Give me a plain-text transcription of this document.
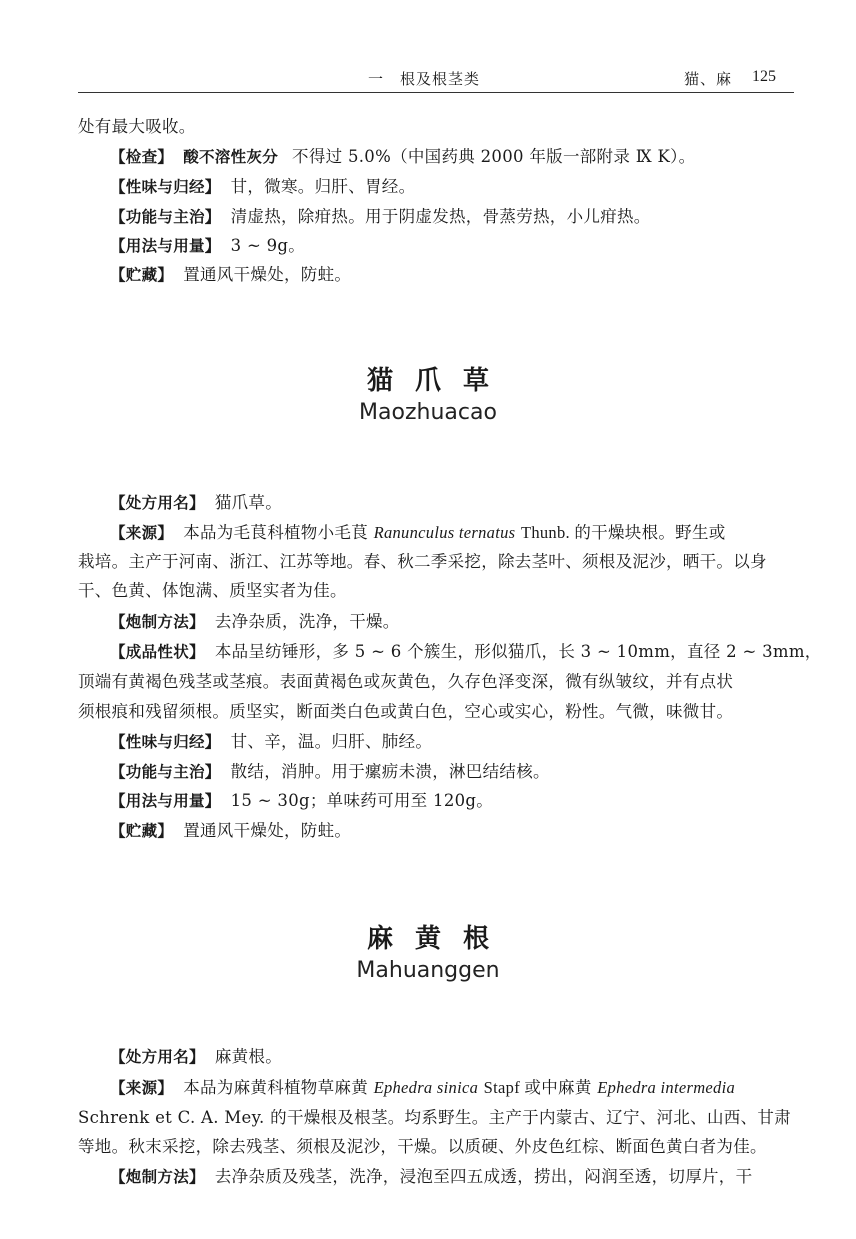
一　根及根茎类	猫、麻 125
处有最大吸收。
【检查】 酸不溶性灰分 不得过 5.0%（中国药典 2000 年版一部附录 Ⅸ K）。
【性味与归经】 甘，微寒。归肝、胃经。
【功能与主治】 清虚热，除疳热。用于阴虚发热，骨蒸劳热，小儿疳热。
【用法与用量】 3 ~ 9g。
【贮藏】 置通风干燥处，防蛀。
猫爪草
Maozhuacao
【处方用名】 猫爪草。
【来源】 本品为毛茛科植物小毛茛 Ranunculus ternatus Thunb. 的干燥块根。野生或
栽培。主产于河南、浙江、江苏等地。春、秋二季采挖，除去茎叶、须根及泥沙，晒干。以身
干、色黄、体饱满、质坚实者为佳。
【炮制方法】 去净杂质，洗净，干燥。
【成品性状】 本品呈纺锤形，多 5 ~ 6 个簇生，形似猫爪，长 3 ~ 10mm，直径 2 ~ 3mm，
顶端有黄褐色残茎或茎痕。表面黄褐色或灰黄色，久存色泽变深，微有纵皱纹，并有点状
须根痕和残留须根。质坚实，断面类白色或黄白色，空心或实心，粉性。气微，味微甘。
【性味与归经】 甘、辛，温。归肝、肺经。
【功能与主治】 散结，消肿。用于瘰疬未溃，淋巴结结核。
【用法与用量】 15 ~ 30g；单味药可用至 120g。
【贮藏】 置通风干燥处，防蛀。
麻黄根
Mahuanggen
【处方用名】 麻黄根。
【来源】 本品为麻黄科植物草麻黄 Ephedra sinica Stapf 或中麻黄 Ephedra intermedia
Schrenk et C. A. Mey. 的干燥根及根茎。均系野生。主产于内蒙古、辽宁、河北、山西、甘肃
等地。秋末采挖，除去残茎、须根及泥沙，干燥。以质硬、外皮色红棕、断面色黄白者为佳。
【炮制方法】 去净杂质及残茎，洗净，浸泡至四五成透，捞出，闷润至透，切厚片，干
